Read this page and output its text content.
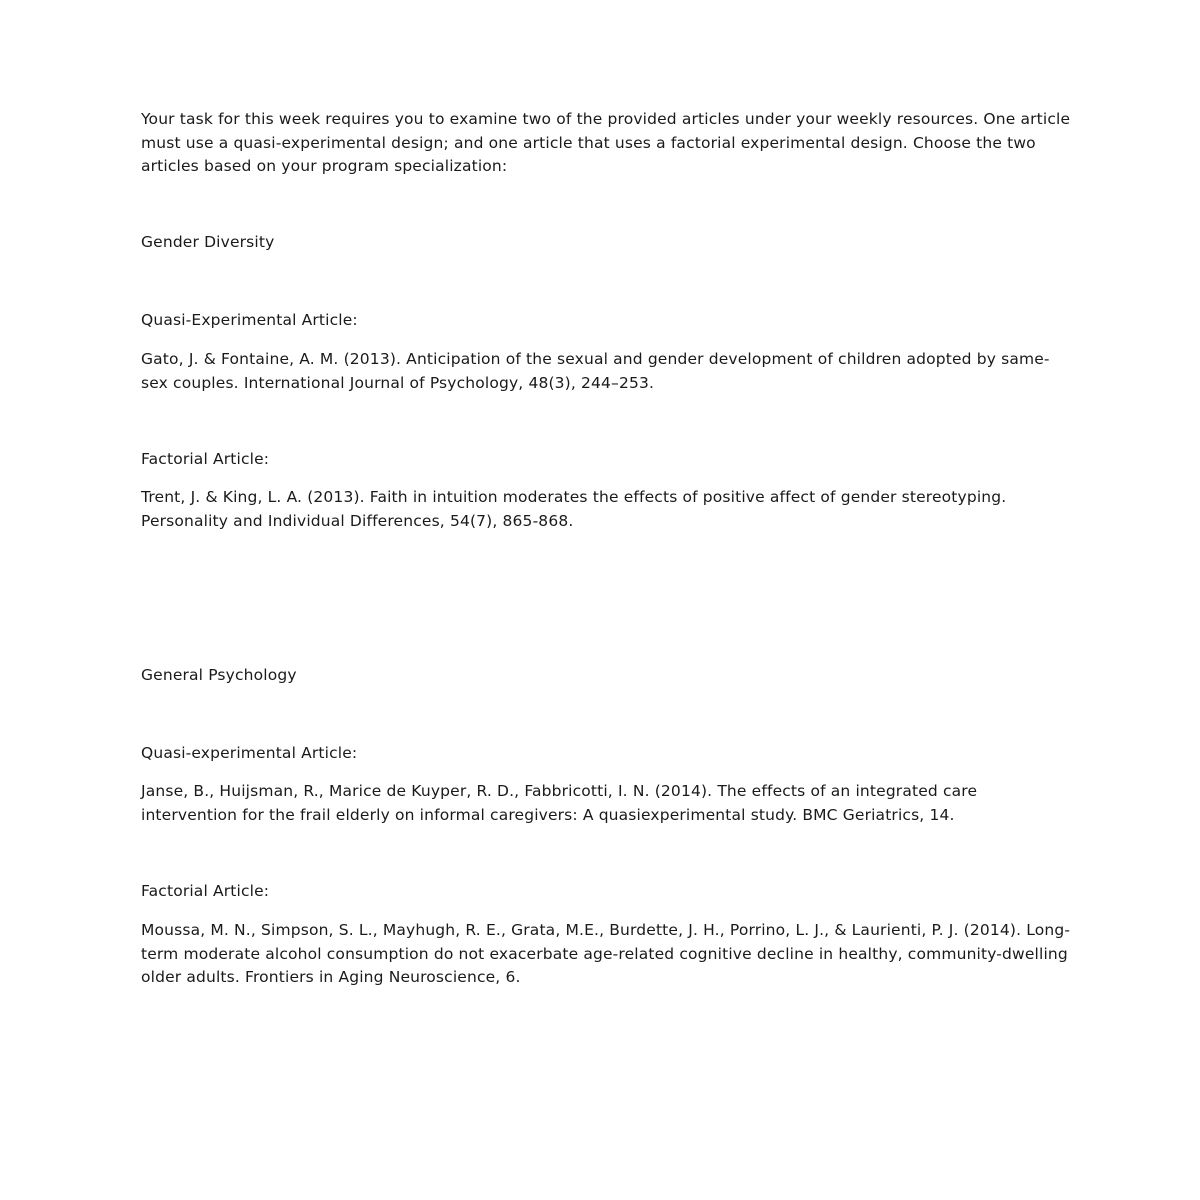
Your task for this week requires you to examine two of the provided articles under your weekly resources. One article must use a quasi-experimental design; and one article that uses a factorial experimental design. Choose the two articles based on your program specialization:

Gender Diversity

Quasi-Experimental Article:

Gato, J. & Fontaine, A. M. (2013). Anticipation of the sexual and gender development of children adopted by same-sex couples. International Journal of Psychology, 48(3), 244–253.

Factorial Article:

Trent, J. & King, L. A. (2013). Faith in intuition moderates the effects of positive affect of gender stereotyping. Personality and Individual Differences, 54(7), 865-868.

General Psychology

Quasi-experimental Article:

Janse, B., Huijsman, R., Marice de Kuyper, R. D., Fabbricotti, I. N. (2014). The effects of an integrated care intervention for the frail elderly on informal caregivers: A quasiexperimental study. BMC Geriatrics, 14.

Factorial Article:

Moussa, M. N., Simpson, S. L., Mayhugh, R. E., Grata, M.E., Burdette, J. H., Porrino, L. J., & Laurienti, P. J. (2014). Long-term moderate alcohol consumption do not exacerbate age-related cognitive decline in healthy, community-dwelling older adults. Frontiers in Aging Neuroscience, 6.
